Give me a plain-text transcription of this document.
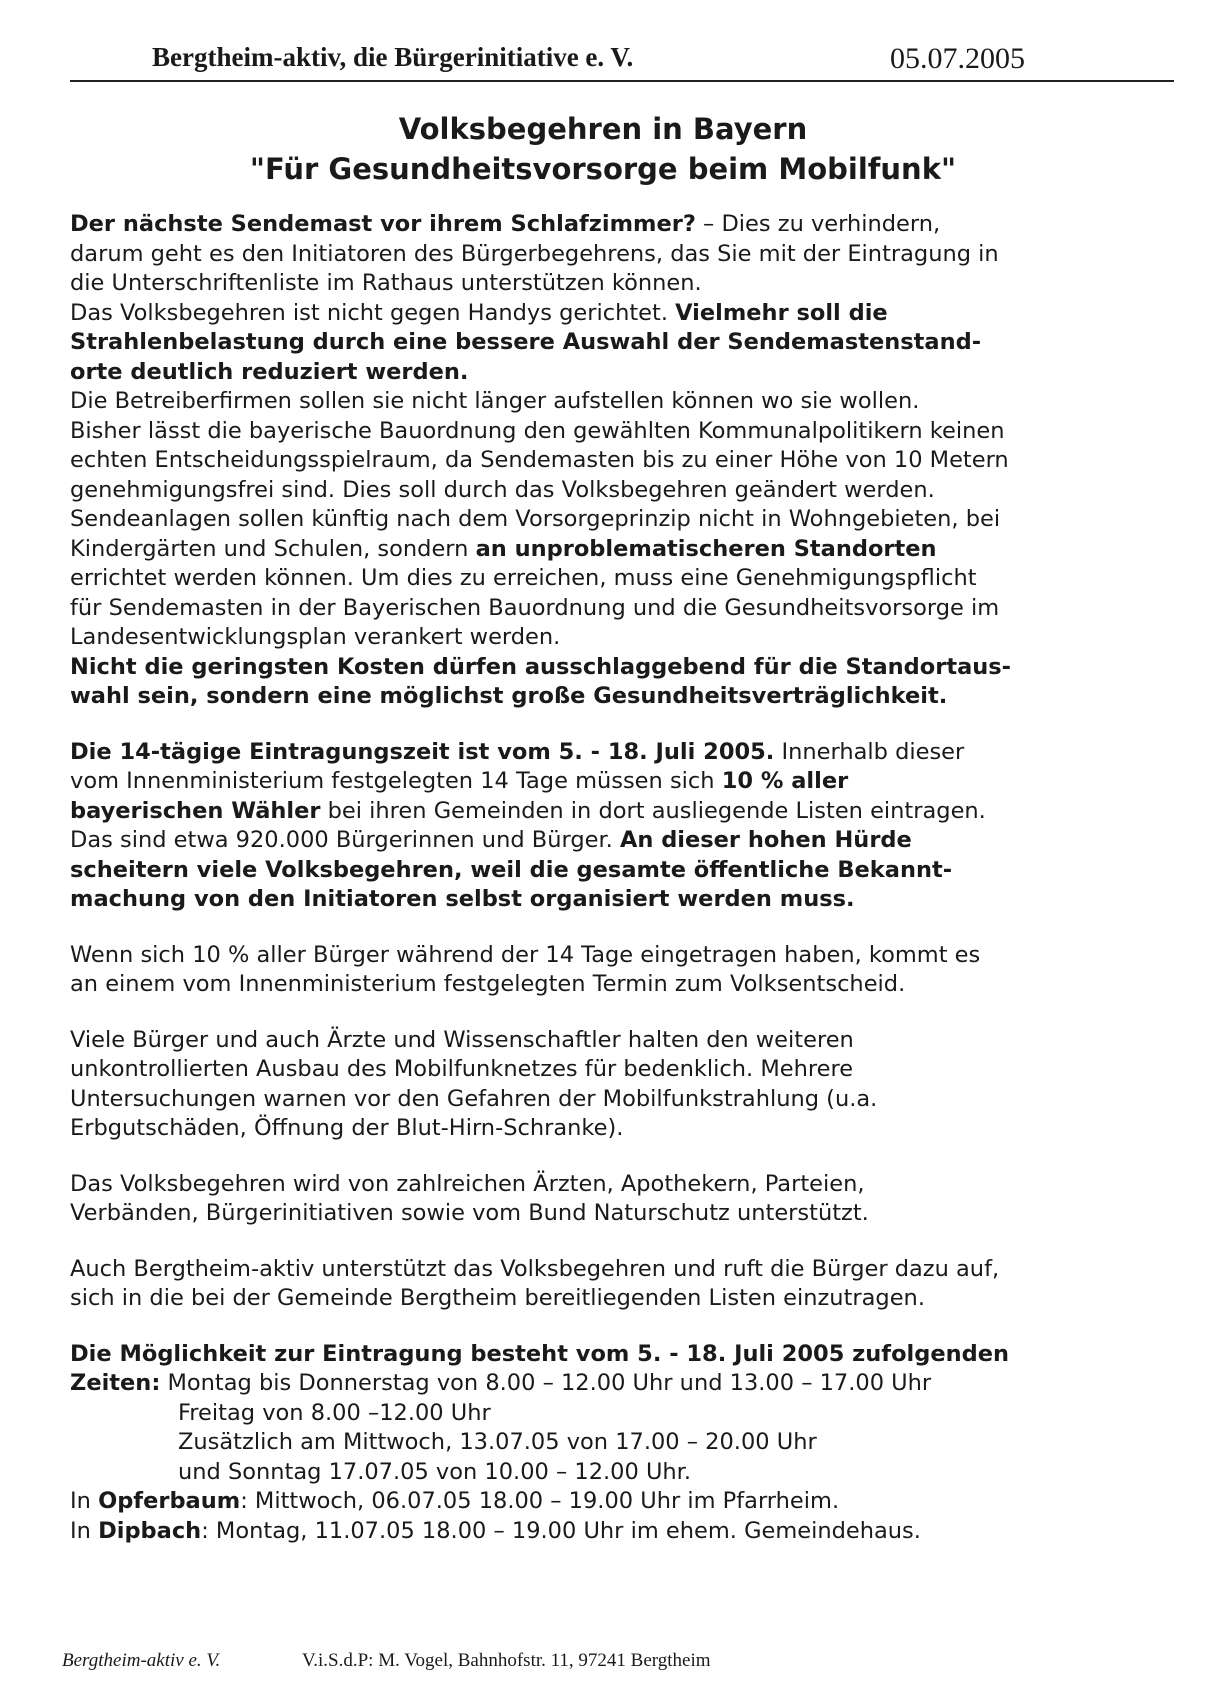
Bergtheim-aktiv, die Bürgerinitiative e. V.	05.07.2005
Volksbegehren in Bayern
"Für Gesundheitsvorsorge beim Mobilfunk"
Der nächste Sendemast vor ihrem Schlafzimmer? – Dies zu verhindern,
darum geht es den Initiatoren des Bürgerbegehrens, das Sie mit der Eintragung in
die Unterschriftenliste im Rathaus unterstützen können.
Das Volksbegehren ist nicht gegen Handys gerichtet. Vielmehr soll die
Strahlenbelastung durch eine bessere Auswahl der Sendemastenstand-
orte deutlich reduziert werden.
Die Betreiberfirmen sollen sie nicht länger aufstellen können wo sie wollen.
Bisher lässt die bayerische Bauordnung den gewählten Kommunalpolitikern keinen
echten Entscheidungsspielraum, da Sendemasten bis zu einer Höhe von 10 Metern
genehmigungsfrei sind. Dies soll durch das Volksbegehren geändert werden.
Sendeanlagen sollen künftig nach dem Vorsorgeprinzip nicht in Wohngebieten, bei
Kindergärten und Schulen, sondern an unproblematischeren Standorten
errichtet werden können. Um dies zu erreichen, muss eine Genehmigungspflicht
für Sendemasten in der Bayerischen Bauordnung und die Gesundheitsvorsorge im
Landesentwicklungsplan verankert werden.
Nicht die geringsten Kosten dürfen ausschlaggebend für die Standortaus-
wahl sein, sondern eine möglichst große Gesundheitsverträglichkeit.
Die 14-tägige Eintragungszeit ist vom 5. - 18. Juli 2005. Innerhalb dieser
vom Innenministerium festgelegten 14 Tage müssen sich 10 % aller
bayerischen Wähler bei ihren Gemeinden in dort ausliegende Listen eintragen.
Das sind etwa 920.000 Bürgerinnen und Bürger. An dieser hohen Hürde
scheitern viele Volksbegehren, weil die gesamte öffentliche Bekannt-
machung von den Initiatoren selbst organisiert werden muss.
Wenn sich 10 % aller Bürger während der 14 Tage eingetragen haben, kommt es
an einem vom Innenministerium festgelegten Termin zum Volksentscheid.
Viele Bürger und auch Ärzte und Wissenschaftler halten den weiteren
unkontrollierten Ausbau des Mobilfunknetzes für bedenklich. Mehrere
Untersuchungen warnen vor den Gefahren der Mobilfunkstrahlung (u.a.
Erbgutschäden, Öffnung der Blut-Hirn-Schranke).
Das Volksbegehren wird von zahlreichen Ärzten, Apothekern, Parteien,
Verbänden, Bürgerinitiativen sowie vom Bund Naturschutz unterstützt.
Auch Bergtheim-aktiv unterstützt das Volksbegehren und ruft die Bürger dazu auf,
sich in die bei der Gemeinde Bergtheim bereitliegenden Listen einzutragen.
Die Möglichkeit zur Eintragung besteht vom 5. - 18. Juli 2005 zufolgenden
Zeiten: Montag bis Donnerstag von 8.00 – 12.00 Uhr und 13.00 – 17.00 Uhr
Freitag von 8.00 –12.00 Uhr
Zusätzlich am Mittwoch, 13.07.05 von 17.00 – 20.00 Uhr
und Sonntag 17.07.05 von 10.00 – 12.00 Uhr.
In Opferbaum: Mittwoch, 06.07.05 18.00 – 19.00 Uhr im Pfarrheim.
In Dipbach: Montag, 11.07.05 18.00 – 19.00 Uhr im ehem. Gemeindehaus.
Bergtheim-aktiv e. V.	V.i.S.d.P: M. Vogel, Bahnhofstr. 11, 97241 Bergtheim
